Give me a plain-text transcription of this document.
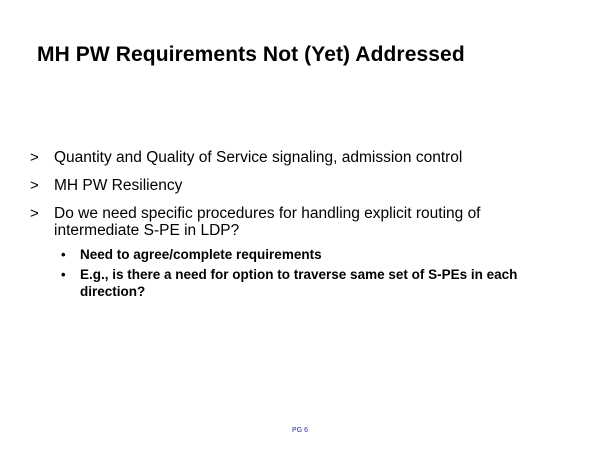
MH PW Requirements Not (Yet) Addressed
> Quantity and Quality of Service signaling, admission control
> MH PW Resiliency
> Do we need specific procedures for handling explicit routing of intermediate S-PE in LDP?
• Need to agree/complete requirements
• E.g., is there a need for option to traverse same set of S-PEs in each direction?
PG 6
